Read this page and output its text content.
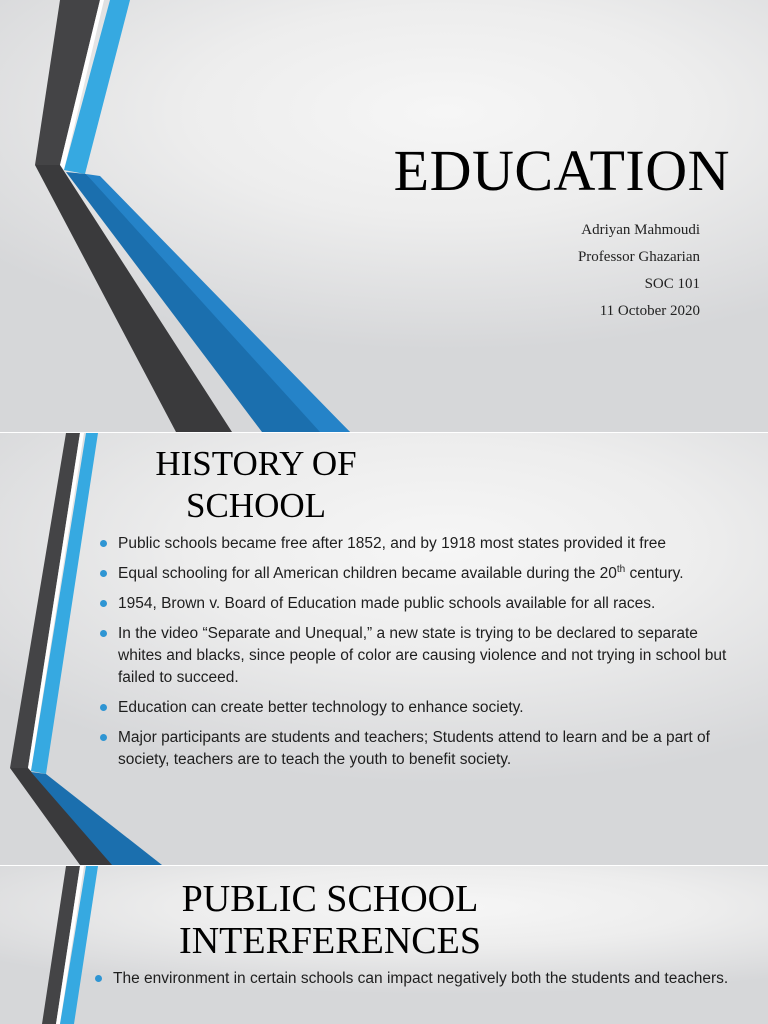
EDUCATION
Adriyan Mahmoudi
Professor Ghazarian
SOC 101
11 October 2020
HISTORY OF
SCHOOL
Public schools became free after 1852, and by 1918 most states provided it free
Equal schooling for all American children became available during the 20th century.
1954, Brown v. Board of Education made public schools available for all races.
In the video “Separate and Unequal,” a new state is trying to be declared to separate whites and blacks, since people of color are causing violence and not trying in school but failed to succeed.
Education can create better technology to enhance society.
Major participants are students and teachers; Students attend to learn and be a part of society, teachers are to teach the youth to benefit society.
PUBLIC SCHOOL
INTERFERENCES
The environment in certain schools can impact negatively both the students and teachers.
